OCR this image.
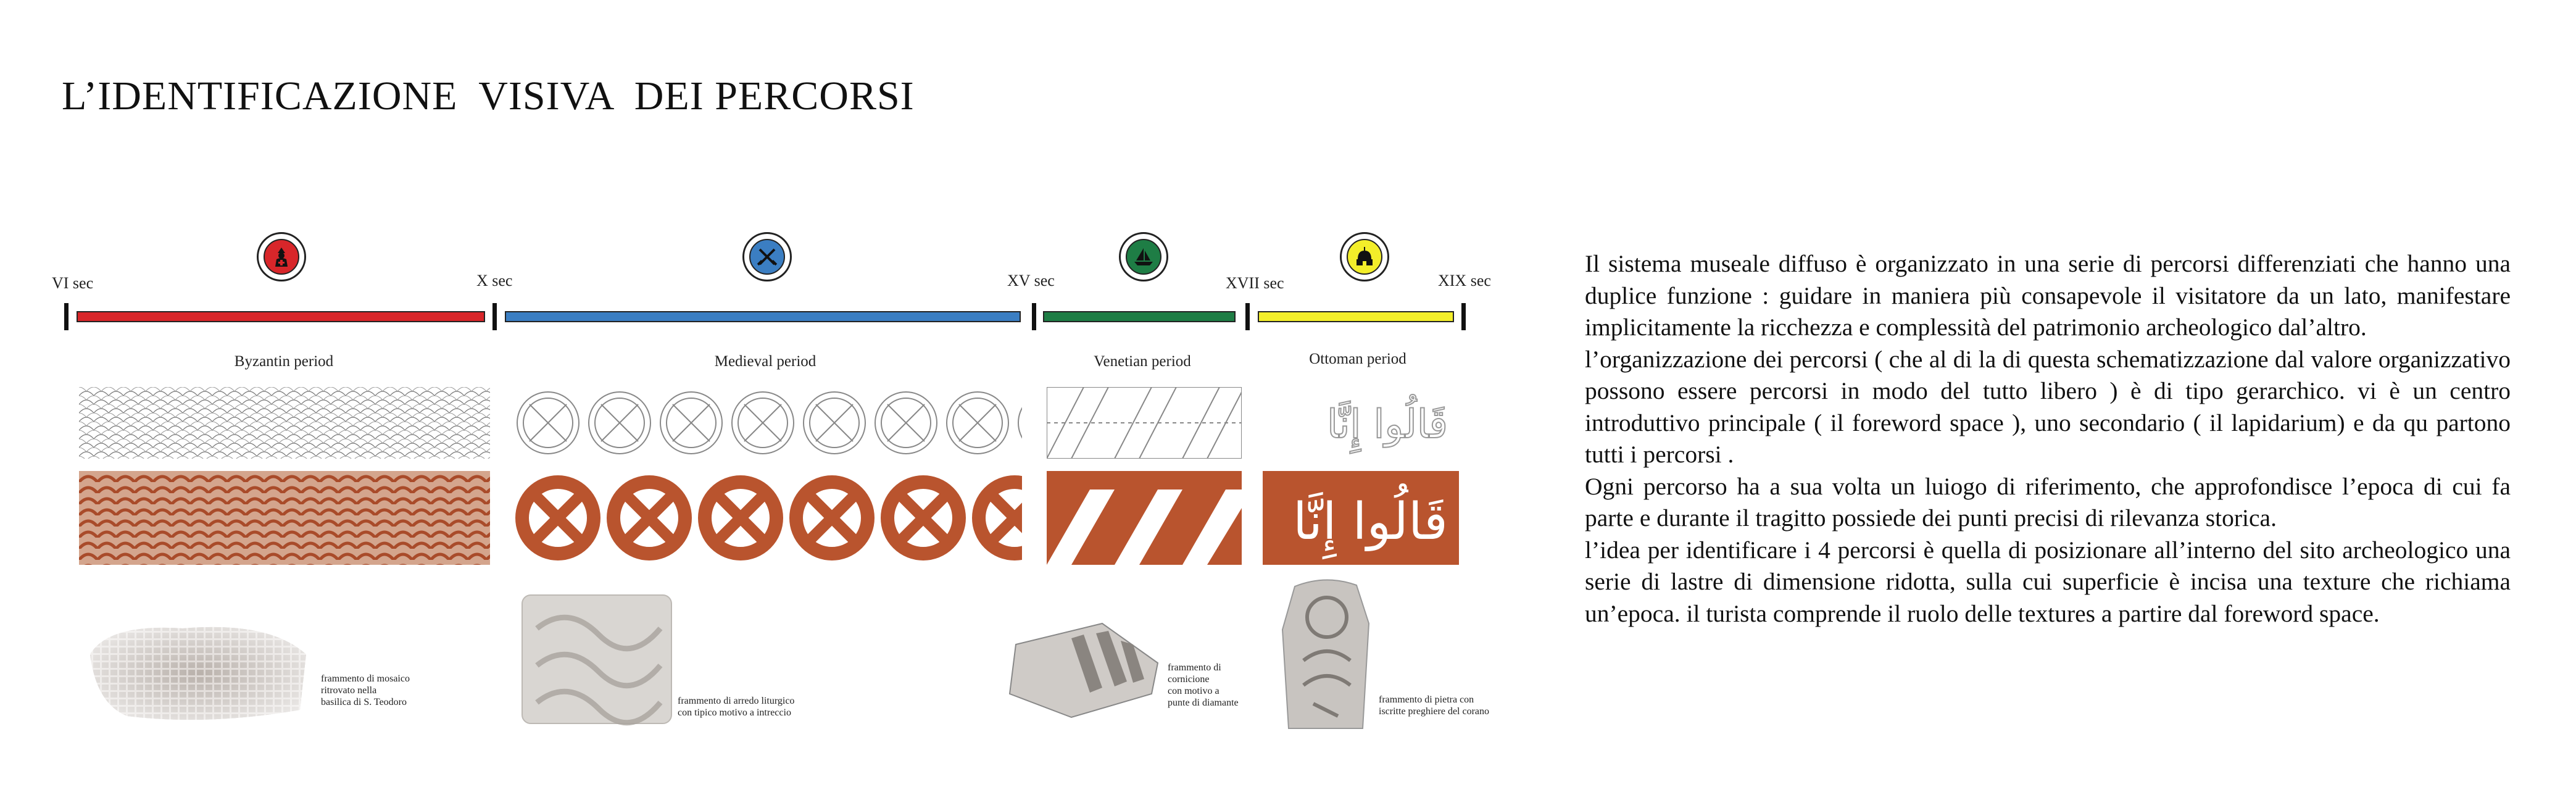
L’IDENTIFICAZIONE  VISIVA  DEI PERCORSI
VI sec	X sec	XV sec	XVII sec	XIX sec
Byzantin period	Medieval period	Venetian period	Ottoman period
قَالُوا إِنَّا
قَالُوا إِنَّا
frammento di mosaico
ritrovato nella
basilica di S. Teodoro	frammento di arredo liturgico
con tipico motivo a intreccio
frammento di
cornicione
con motivo a
punte di diamante	frammento di pietra con
iscritte preghiere del corano

Il sistema museale diffuso è organizzato in una serie di percorsi differenziati che hanno una duplice funzione : guidare in maniera più consapevole il visitatore da un lato, manifestare implicitamente la ricchezza e complessità del patrimonio archeologico dal’altro.

l’organizzazione dei percorsi ( che al di la di questa schematizzazione dal valore organizzativo possono essere percorsi in modo del tutto libero ) è di tipo gerarchico. vi è un centro introduttivo principale ( il foreword space ), uno secondario ( il lapidarium) e da qu partono tutti i percorsi .

Ogni percorso ha a sua volta un luiogo di riferimento, che approfondisce l’epoca di cui fa parte e durante il tragitto possiede dei punti precisi di rilevanza storica.

l’idea per identificare i 4 percorsi è quella di posizionare all’interno del sito archeologico una serie di lastre di dimensione ridotta, sulla cui superficie è incisa una texture che richiama un’epoca. il turista comprende il ruolo delle textures a partire dal foreword space.
